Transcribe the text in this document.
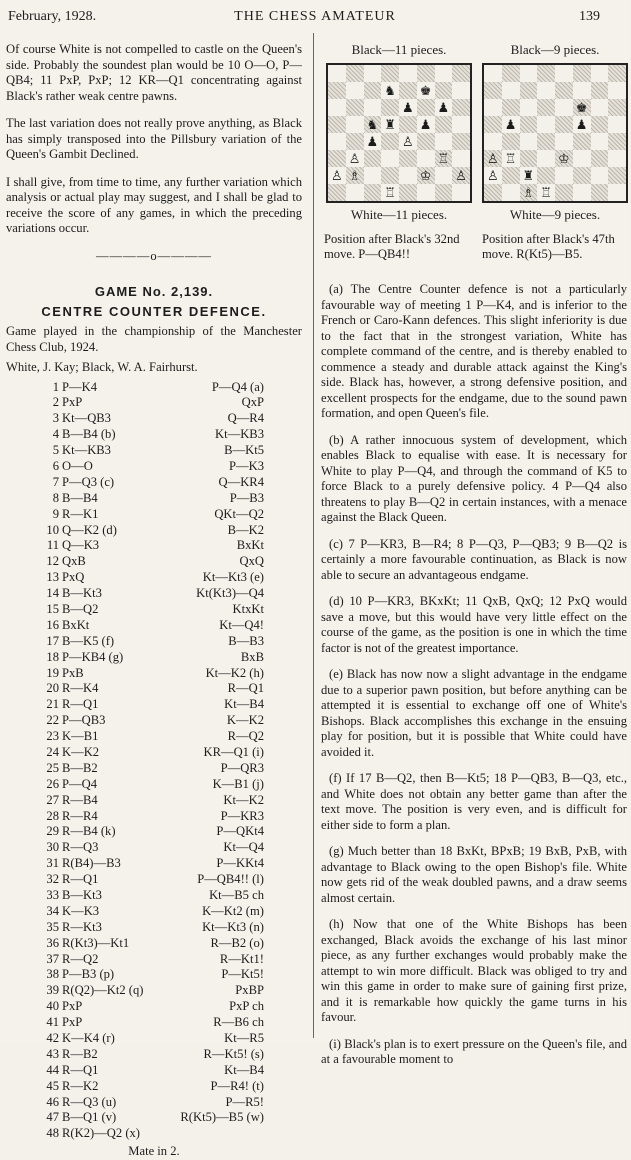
February, 1928.	THE CHESS AMATEUR	139

Of course White is not compelled to castle on the Queen's side. Probably the soundest plan would be 10 O—O, P—QB4; 11 PxP, PxP; 12 KR—Q1 concentrating against Black's rather weak centre pawns.

The last variation does not really prove anything, as Black has simply transposed into the Pillsbury variation of the Queen's Gambit Declined.

I shall give, from time to time, any further variation which analysis or actual play may suggest, and I shall be glad to receive the score of any games, in which the preceding variations occur.

————o————
GAME No. 2,139.
CENTRE COUNTER DEFENCE.
Game played in the championship of the Manchester Chess Club, 1924.
White, J. Kay; Black, W. A. Fairhurst.
1 P—K4	P—Q4 (a)
2 PxP	QxP
3 Kt—QB3	Q—R4
4 B—B4 (b)	Kt—KB3
5 Kt—KB3	B—Kt5
6 O—O	P—K3
7 P—Q3 (c)	Q—KR4
8 B—B4	P—B3
9 R—K1	QKt—Q2
10 Q—K2 (d)	B—K2
11 Q—K3	BxKt
12 QxB	QxQ
13 PxQ	Kt—Kt3 (e)
14 B—Kt3	Kt(Kt3)—Q4
15 B—Q2	KtxKt
16 BxKt	Kt—Q4!
17 B—K5 (f)	B—B3
18 P—KB4 (g)	BxB
19 PxB	Kt—K2 (h)
20 R—K4	R—Q1
21 R—Q1	Kt—B4
22 P—QB3	K—K2
23 K—B1	R—Q2
24 K—K2	KR—Q1 (i)
25 B—B2	P—QR3
26 P—Q4	K—B1 (j)
27 R—B4	Kt—K2
28 R—R4	P—KR3
29 R—B4 (k)	P—QKt4
30 R—Q3	Kt—Q4
31 R(B4)—B3	P—KKt4
32 R—Q1	P—QB4!! (l)
33 B—Kt3	Kt—B5 ch
34 K—K3	K—Kt2 (m)
35 R—Kt3	Kt—Kt3 (n)
36 R(Kt3)—Kt1	R—B2 (o)
37 R—Q2	R—Kt1!
38 P—B3 (p)	P—Kt5!
39 R(Q2)—Kt2 (q)	PxBP
40 PxP	PxP ch
41 PxP	R—B6 ch
42 K—K4 (r)	Kt—R5
43 R—B2	R—Kt5! (s)
44 R—Q1	Kt—B4
45 R—K2	P—R4! (t)
46 R—Q3 (u)	P—R5!
47 B—Q1 (v)	R(Kt5)—B5 (w)
48 R(K2)—Q2 (x)
Mate in 2.
Black—11 pieces.
♞ ♚
♟ ♟
♞ ♜ ♟
♟ ♙
♙	♖
♙ ♗	♔ ♙
♖
White—11 pieces.
Black—9 pieces.
♚
♟	♟
♙ ♖	♔
♙ ♜
♗ ♖
White—9 pieces.
Position after Black's 32nd move. P—QB4!!
Position after Black's 47th move. R(Kt5)—B5.

(a) The Centre Counter defence is not a particularly favourable way of meeting 1 P—K4, and is inferior to the French or Caro-Kann defences. This slight inferiority is due to the fact that in the strongest variation, White has complete command of the centre, and is thereby enabled to commence a steady and durable attack against the King's side. Black has, however, a strong defensive position, and excellent prospects for the endgame, due to the sound pawn formation, and open Queen's file.

(b) A rather innocuous system of development, which enables Black to equalise with ease. It is necessary for White to play P—Q4, and through the command of K5 to force Black to a purely defensive policy. 4 P—Q4 also threatens to play B—Q2 in certain instances, with a menace against the Black Queen.

(c) 7 P—KR3, B—R4; 8 P—Q3, P—QB3; 9 B—Q2 is certainly a more favourable continuation, as Black is now able to secure an advantageous endgame.

(d) 10 P—KR3, BKxKt; 11 QxB, QxQ; 12 PxQ would save a move, but this would have very little effect on the course of the game, as the position is one in which the time factor is not of the greatest importance.

(e) Black has now now a slight advantage in the endgame due to a superior pawn position, but before anything can be attempted it is essential to exchange off one of White's Bishops. Black accomplishes this exchange in the ensuing play for position, but it is possible that White could have avoided it.

(f) If 17 B—Q2, then B—Kt5; 18 P—QB3, B—Q3, etc., and White does not obtain any better game than after the text move. The position is very even, and is difficult for either side to form a plan.

(g) Much better than 18 BxKt, BPxB; 19 BxB, PxB, with advantage to Black owing to the open Bishop's file. White now gets rid of the weak doubled pawns, and a draw seems almost certain.

(h) Now that one of the White Bishops has been exchanged, Black avoids the exchange of his last minor piece, as any further exchanges would probably make the attempt to win more difficult. Black was obliged to try and win this game in order to make sure of gaining first prize, and it is remarkable how quickly the game turns in his favour.

(i) Black's plan is to exert pressure on the Queen's file, and at a favourable moment to
